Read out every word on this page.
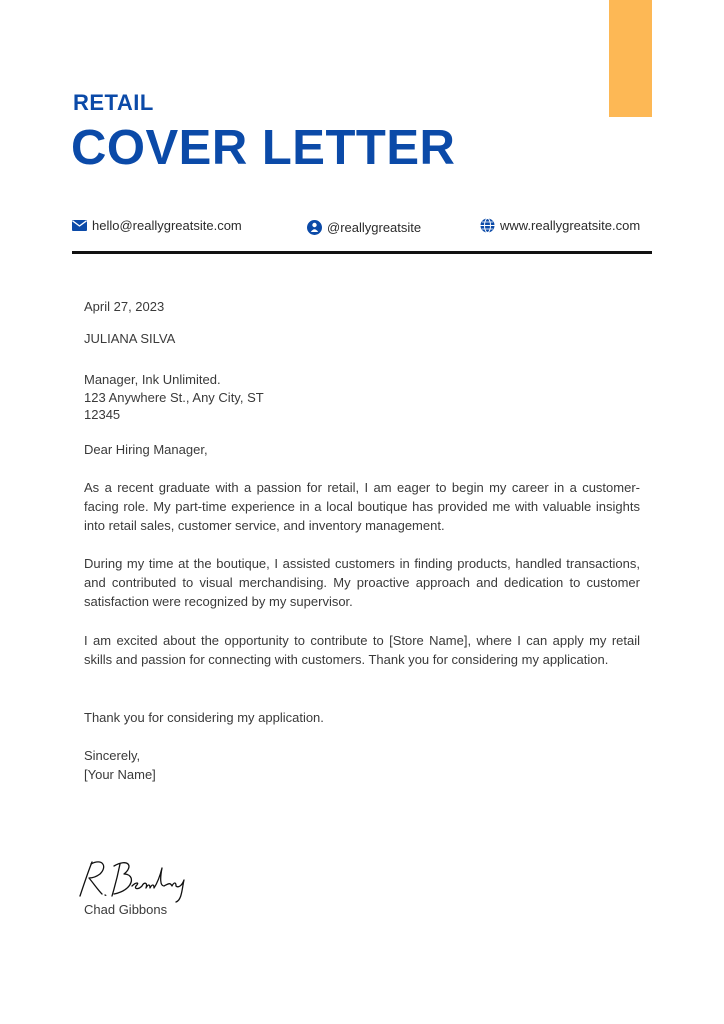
RETAIL
COVER LETTER
hello@reallygreatsite.com	@reallygreatsite	www.reallygreatsite.com

April 27, 2023

JULIANA SILVA

Manager, Ink Unlimited.

123 Anywhere St., Any City, ST

12345

Dear Hiring Manager,

As a recent graduate with a passion for retail, I am eager to begin my career in a customer-facing role. My part-time experience in a local boutique has provided me with valuable insights into retail sales, customer service, and inventory management.

During my time at the boutique, I assisted customers in finding products, handled transactions, and contributed to visual merchandising. My proactive approach and dedication to customer satisfaction were recognized by my supervisor.

I am excited about the opportunity to contribute to [Store Name], where I can apply my retail skills and passion for connecting with customers. Thank you for considering my application.

Thank you for considering my application.

Sincerely,

[Your Name]

Chad Gibbons
